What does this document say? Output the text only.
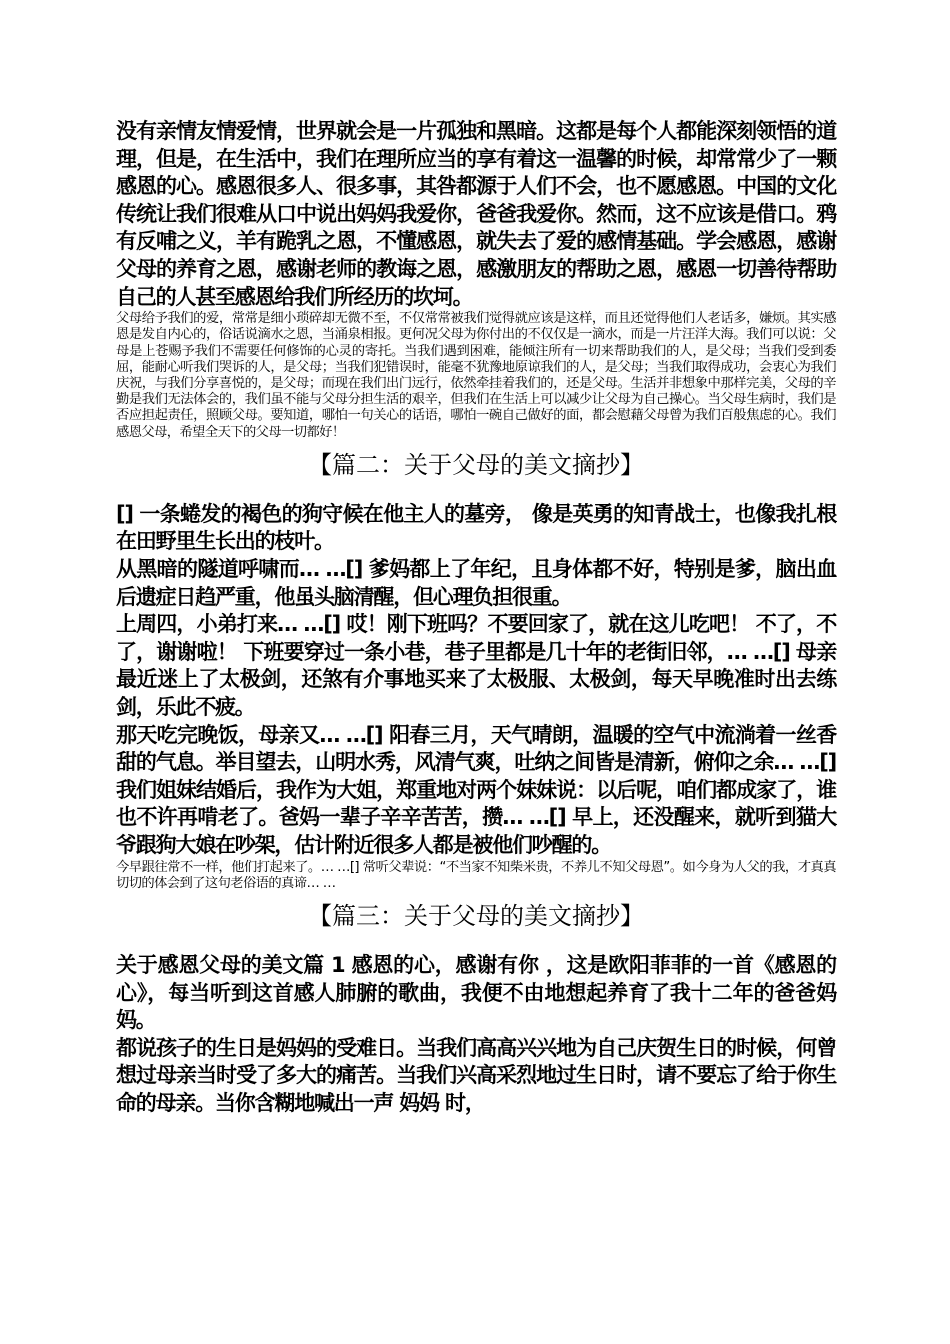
没有亲情友情爱情，世界就会是一片孤独和黑暗。这都是每个人都能深刻领悟的道理，但是，在生活中，我们在理所应当的享有着这一温馨的时候，却常常少了一颗感恩的心。感恩很多人、很多事，其咎都源于人们不会，也不愿感恩。中国的文化传统让我们很难从口中说出妈妈我爱你，爸爸我爱你。然而，这不应该是借口。鸦有反哺之义，羊有跪乳之恩，不懂感恩，就失去了爱的感情基础。学会感恩，感谢父母的养育之恩，感谢老师的教诲之恩，感激朋友的帮助之恩，感恩一切善待帮助自己的人甚至感恩给我们所经历的坎坷。

父母给予我们的爱，常常是细小琐碎却无微不至，不仅常常被我们觉得就应该是这样，而且还觉得他们人老话多，嫌烦。其实感恩是发自内心的，俗话说滴水之恩，当涌泉相报。更何况父母为你付出的不仅仅是一滴水，而是一片汪洋大海。我们可以说：父母是上苍赐予我们不需要任何修饰的心灵的寄托。当我们遇到困难，能倾注所有一切来帮助我们的人，是父母；当我们受到委屈，能耐心听我们哭诉的人，是父母；当我们犯错误时，能毫不犹豫地原谅我们的人，是父母；当我们取得成功，会衷心为我们庆祝，与我们分享喜悦的，是父母；而现在我们出门远行，依然牵挂着我们的，还是父母。生活并非想象中那样完美，父母的辛勤是我们无法体会的，我们虽不能与父母分担生活的艰辛，但我们在生活上可以减少让父母为自己操心。当父母生病时，我们是否应担起责任，照顾父母。要知道，哪怕一句关心的话语，哪怕一碗自己做好的面，都会慰藉父母曾为我们百般焦虑的心。我们感恩父母，希望全天下的父母一切都好！

【篇二：关于父母的美文摘抄】

[] 一条蜷发的褐色的狗守候在他主人的墓旁， 像是英勇的知青战士，也像我扎根在田野里生长出的枝叶。

从黑暗的隧道呼啸而… …[] 爹妈都上了年纪，且身体都不好，特别是爹，脑出血后遗症日趋严重，他虽头脑清醒，但心理负担很重。

上周四，小弟打来… …[] 哎！刚下班吗？不要回家了，就在这儿吃吧！ 不了，不了，谢谢啦！ 下班要穿过一条小巷，巷子里都是几十年的老街旧邻，… …[] 母亲最近迷上了太极剑，还煞有介事地买来了太极服、太极剑，每天早晚准时出去练剑，乐此不疲。

那天吃完晚饭，母亲又… …[] 阳春三月，天气晴朗，温暖的空气中流淌着一丝香甜的气息。举目望去，山明水秀，风清气爽，吐纳之间皆是清新，俯仰之余… …[] 我们姐妹结婚后，我作为大姐，郑重地对两个妹妹说：以后呢，咱们都成家了，谁也不许再啃老了。爸妈一辈子辛辛苦苦，攒… …[] 早上，还没醒来，就听到猫大爷跟狗大娘在吵架，估计附近很多人都是被他们吵醒的。

今早跟往常不一样，他们打起来了。… …[] 常听父辈说：“不当家不知柴米贵，不养儿不知父母恩”。如今身为人父的我，才真真切切的体会到了这句老俗语的真谛… …

【篇三：关于父母的美文摘抄】

关于感恩父母的美文篇 1 感恩的心，感谢有你 ，这是欧阳菲菲的一首《感恩的心》，每当听到这首感人肺腑的歌曲，我便不由地想起养育了我十二年的爸爸妈妈。

都说孩子的生日是妈妈的受难日。当我们高高兴兴地为自己庆贺生日的时候，何曾想过母亲当时受了多大的痛苦。当我们兴高采烈地过生日时，请不要忘了给于你生命的母亲。当你含糊地喊出一声 妈妈 时，
